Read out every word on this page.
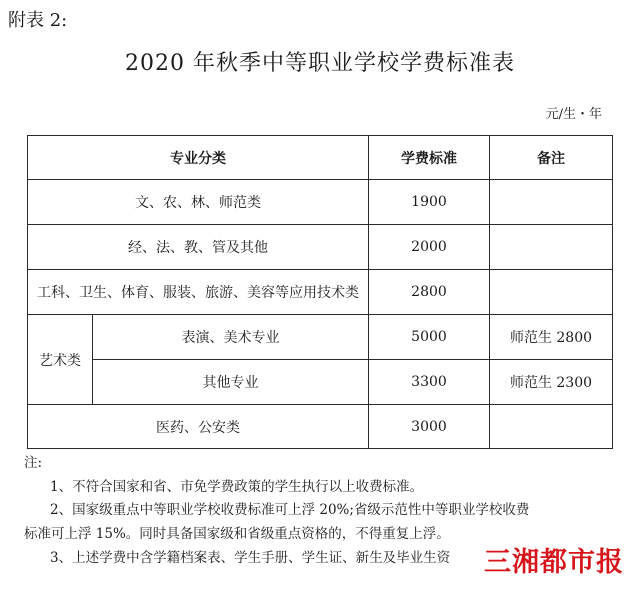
附表 2:
2020 年秋季中等职业学校学费标准表
元/生・年
专业分类		学费标准	备注
文、农、林、师范类		1900	
经、法、教、管及其他		2000	
工科、卫生、体育、服装、旅游、美容等应用技术类		2800	
艺术类	表演、美术专业	5000	师范生 2800
	其他专业	3300	师范生 2300
医药、公安类		3000	

注:

1、不符合国家和省、市免学费政策的学生执行以上收费标准。

2、国家级重点中等职业学校收费标准可上浮 20%;省级示范性中等职业学校收费

标准可上浮 15%。同时具备国家级和省级重点资格的，不得重复上浮。

3、上述学费中含学籍档案表、学生手册、学生证、新生及毕业生资	三湘都市报
